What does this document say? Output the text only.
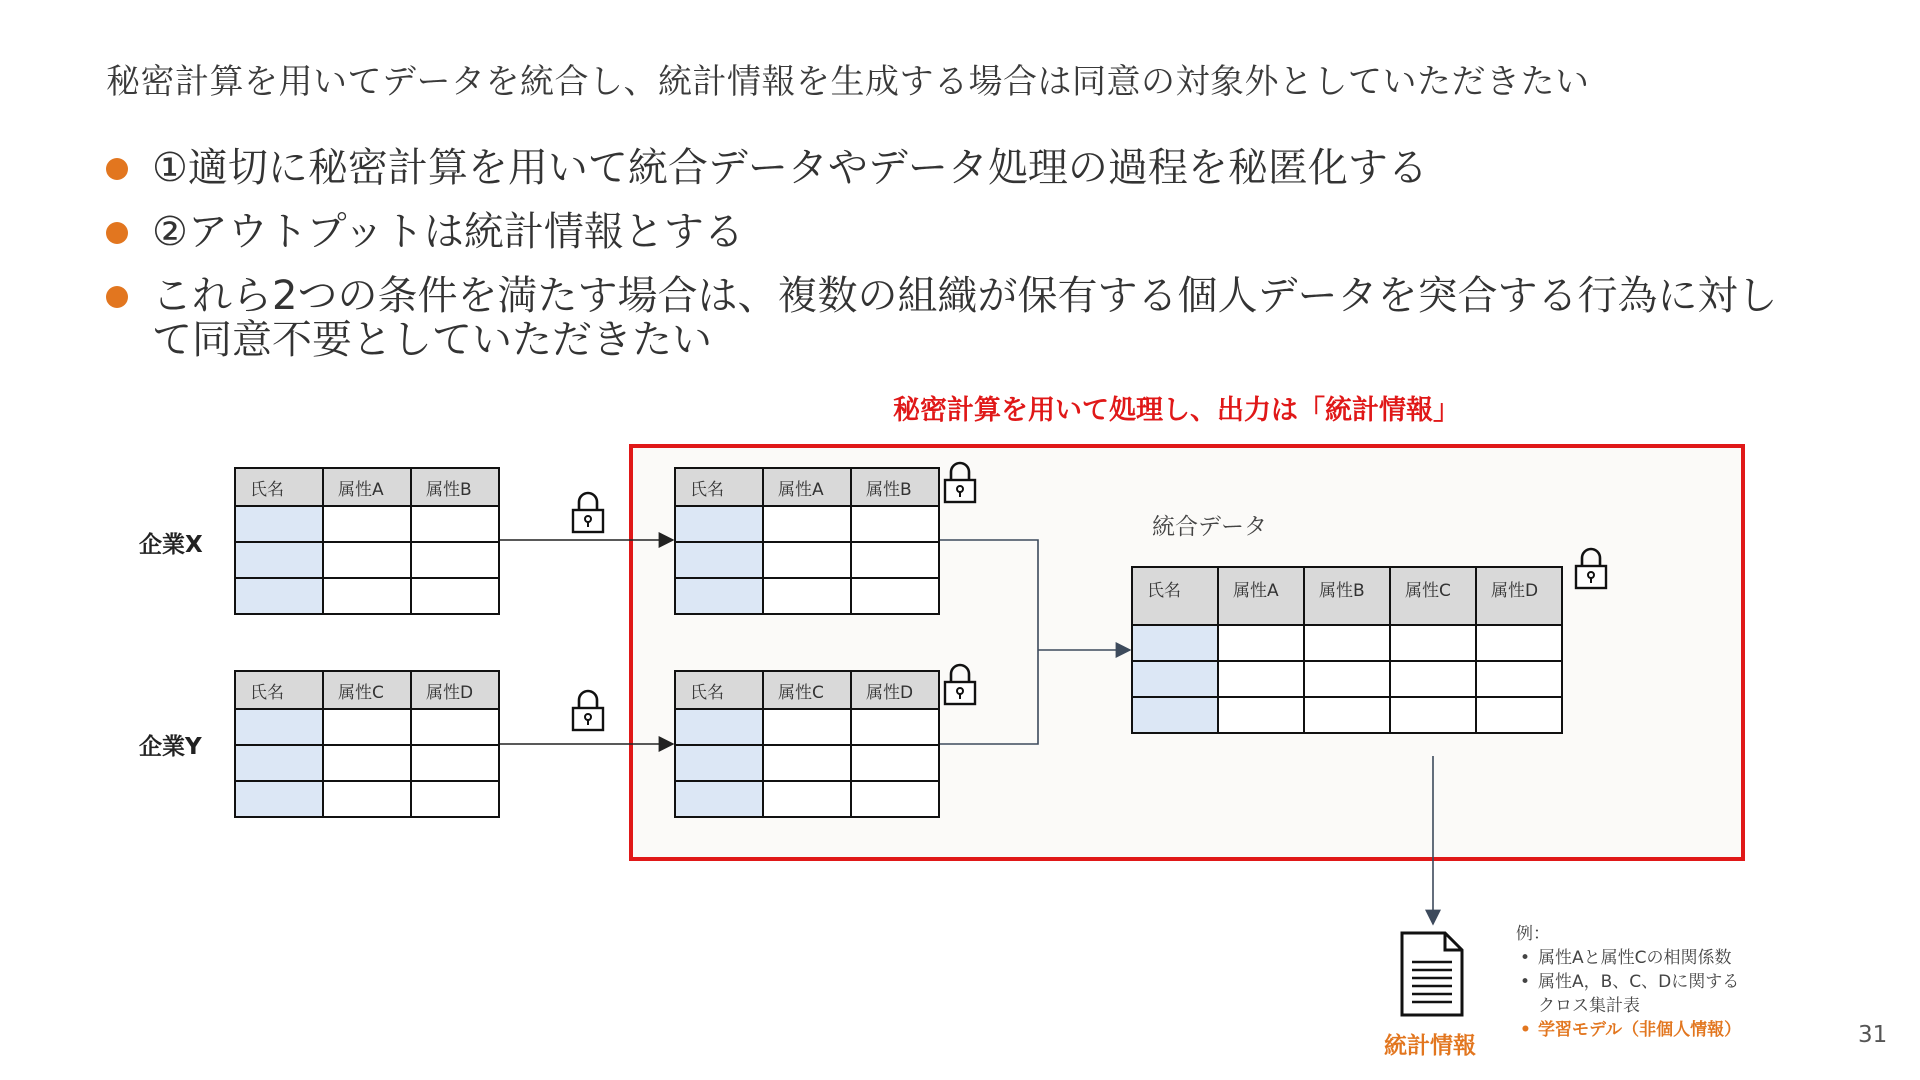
秘密計算を用いてデータを統合し、統計情報を生成する場合は同意の対象外としていただきたい
①適切に秘密計算を用いて統合データやデータ処理の過程を秘匿化する
②アウトプットは統計情報とする
これら2つの条件を満たす場合は、複数の組織が保有する個人データを突合する行為に対して同意不要としていただきたい
秘密計算を用いて処理し、出力は「統計情報」
企業X
企業Y
氏名	属性A	属性B

氏名	属性C	属性D

氏名	属性A	属性B

氏名	属性C	属性D

統合データ
氏名	属性A	属性B	属性C	属性D

統計情報
例：
• 属性Aと属性Cの相関係数
• 属性A，B、C、Dに関する
クロス集計表
• 学習モデル（非個人情報）	31
